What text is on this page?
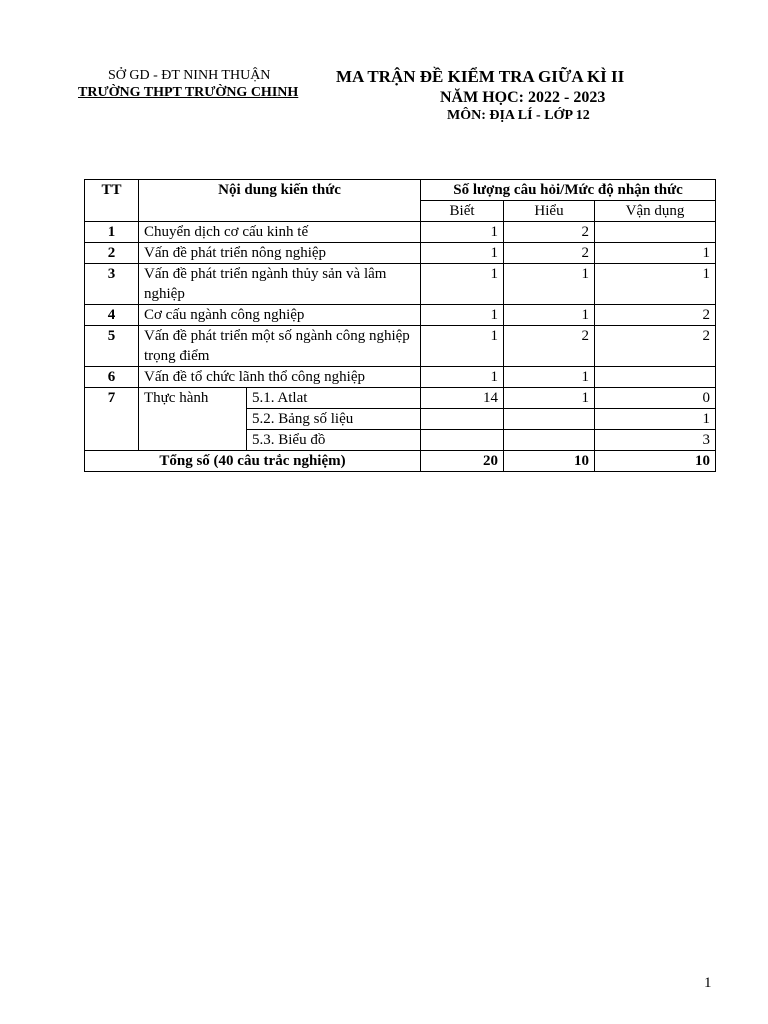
SỞ GD - ĐT NINH THUẬN
TRƯỜNG THPT TRƯỜNG CHINH
MA TRẬN ĐỀ KIỂM TRA GIỮA KÌ II
NĂM HỌC: 2022 - 2023
MÔN: ĐỊA LÍ - LỚP 12
TT	Nội dung kiến thức		Số lượng câu hỏi/Mức độ nhận thức		
			Biết	Hiểu	Vận dụng
1	Chuyển dịch cơ cấu kinh tế		1	2	
2	Vấn đề phát triển nông nghiệp		1	2	1
3	Vấn đề phát triển ngành thủy sản và lâm nghiệp		1	1	1
4	Cơ cấu ngành công nghiệp		1	1	2
5	Vấn đề phát triển một số ngành công nghiệp trọng điểm		1	2	2
6	Vấn đề tổ chức lãnh thổ công nghiệp		1	1	
7	Thực hành	5.1. Atlat	14	1	0
		5.2. Bảng số liệu			1
		5.3. Biểu đồ			3
Tổng số (40 câu trắc nghiệm)			20	10	10
1
